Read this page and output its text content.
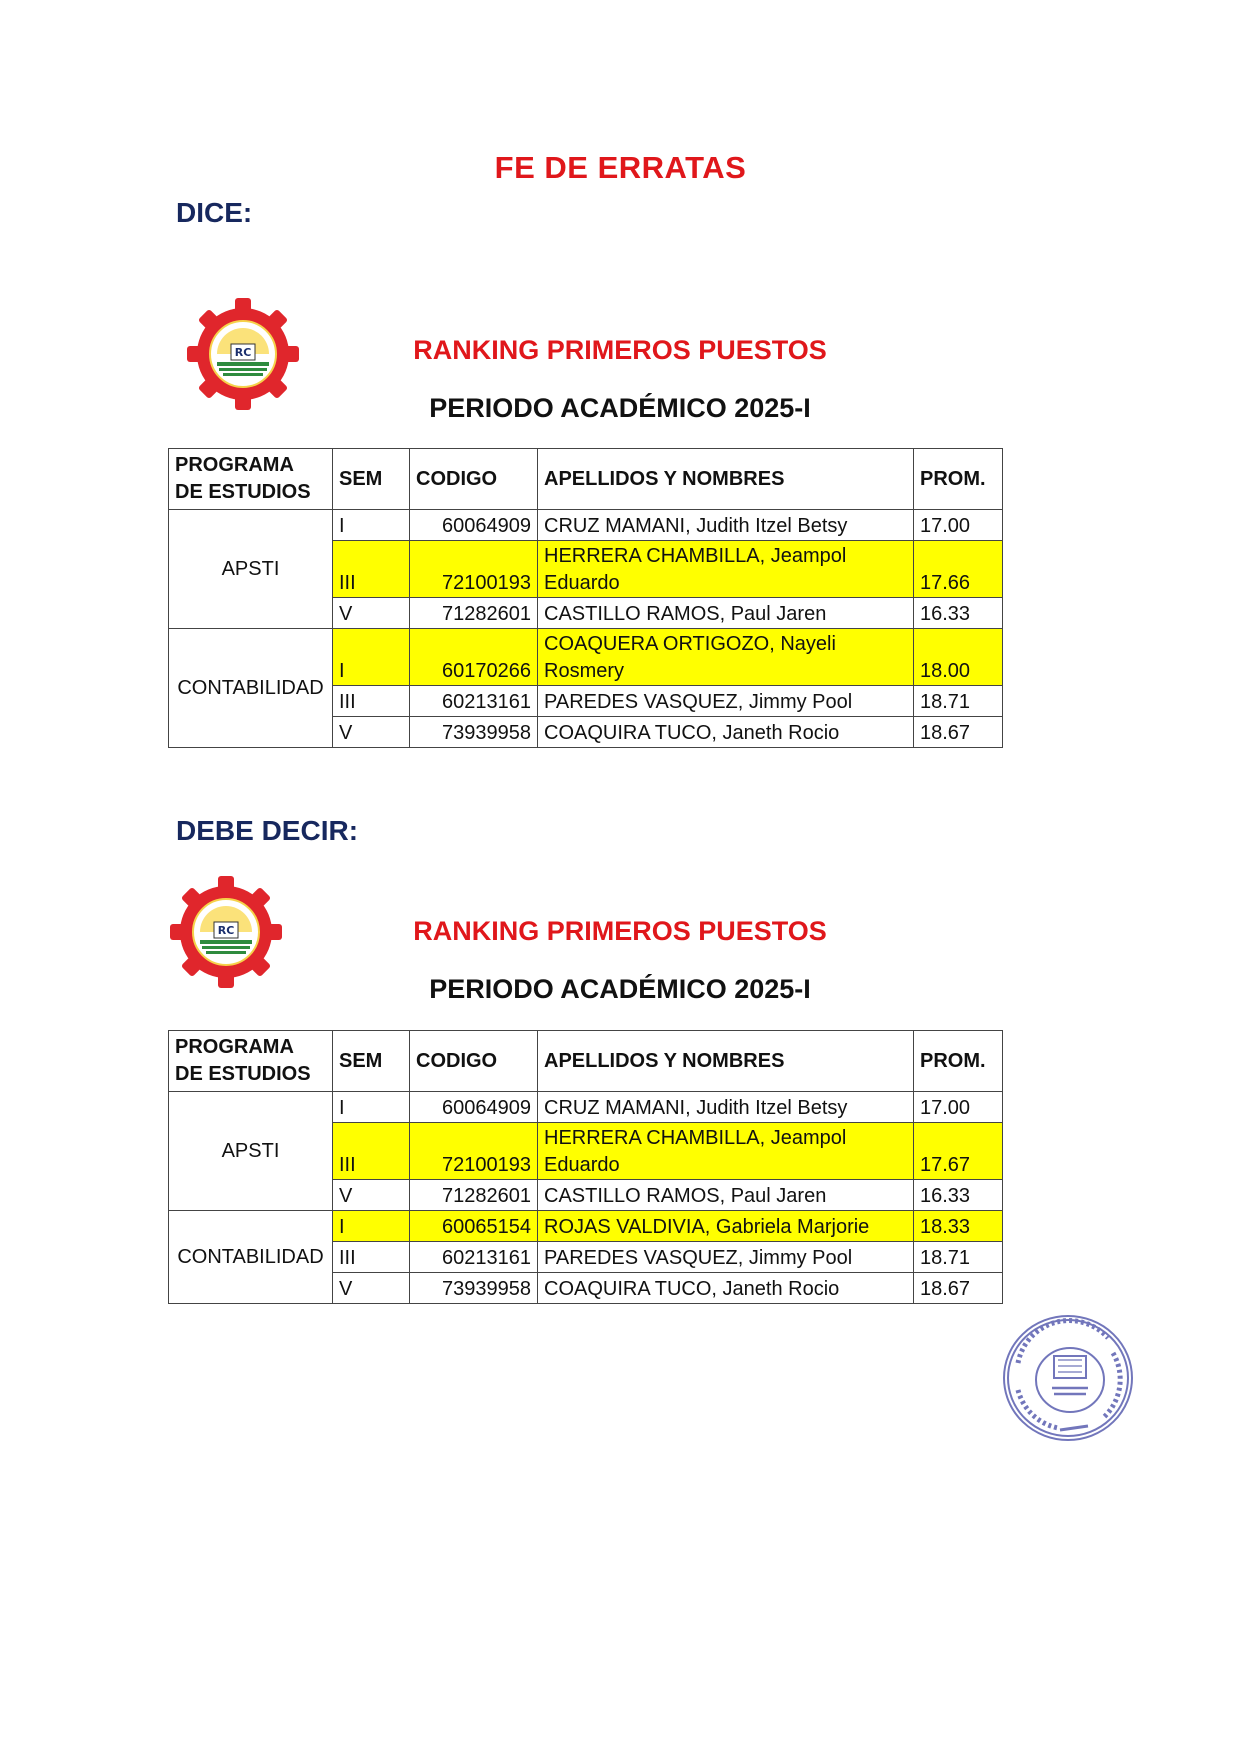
FE DE ERRATAS
DICE:
RC	RANKING PRIMEROS PUESTOS
PERIODO ACADÉMICO 2025-I
PROGRAMA DE ESTUDIOS	SEM	CODIGO	APELLIDOS Y NOMBRES	PROM.
APSTI	I	60064909	CRUZ MAMANI, Judith Itzel Betsy	17.00
	III	72100193	HERRERA CHAMBILLA, Jeampol Eduardo	17.66
	V	71282601	CASTILLO RAMOS, Paul Jaren	16.33
CONTABILIDAD	I	60170266	COAQUERA ORTIGOZO, Nayeli Rosmery	18.00
	III	60213161	PAREDES VASQUEZ, Jimmy Pool	18.71
	V	73939958	COAQUIRA TUCO, Janeth Rocio	18.67
DEBE DECIR:
RC	RANKING PRIMEROS PUESTOS
PERIODO ACADÉMICO 2025-I
PROGRAMA DE ESTUDIOS	SEM	CODIGO	APELLIDOS Y NOMBRES	PROM.
APSTI	I	60064909	CRUZ MAMANI, Judith Itzel Betsy	17.00
	III	72100193	HERRERA CHAMBILLA, Jeampol Eduardo	17.67
	V	71282601	CASTILLO RAMOS, Paul Jaren	16.33
CONTABILIDAD	I	60065154	ROJAS VALDIVIA, Gabriela Marjorie	18.33
	III	60213161	PAREDES VASQUEZ, Jimmy Pool	18.71
	V	73939958	COAQUIRA TUCO, Janeth Rocio	18.67
